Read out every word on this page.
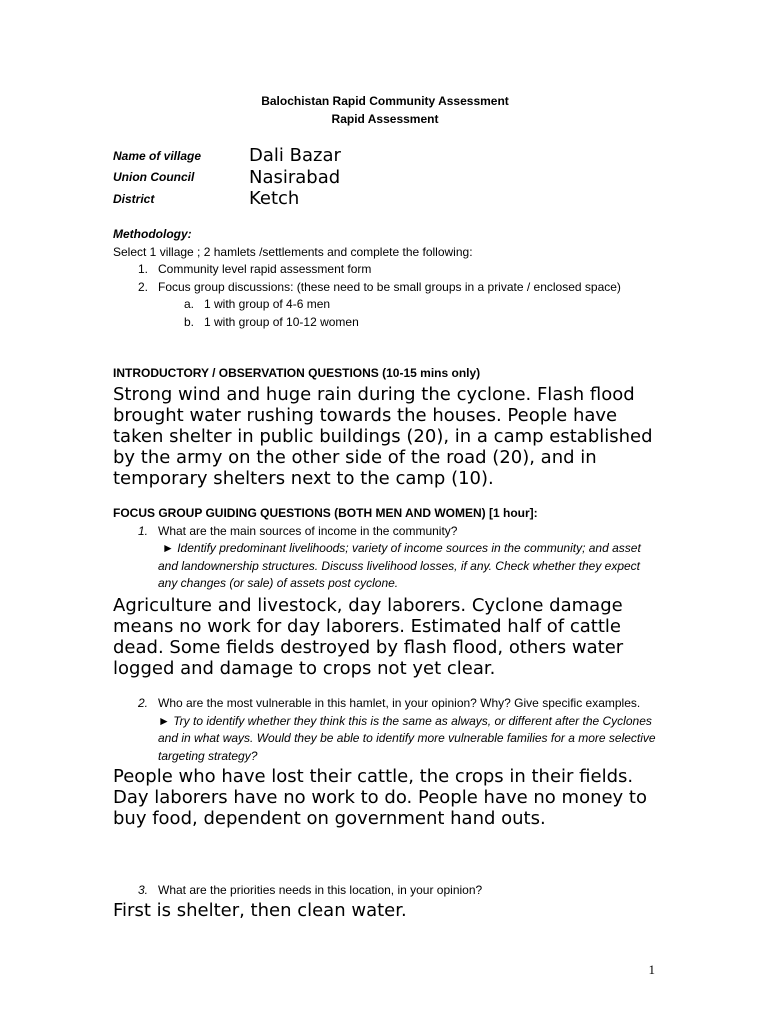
Balochistan Rapid Community Assessment
Rapid Assessment
Name of village	Dali Bazar
Union Council	Nasirabad
District	Ketch
Methodology:
Select 1 village ; 2 hamlets /settlements and complete the following:
1. Community level rapid assessment form
2. Focus group discussions: (these need to be small groups in a private / enclosed space)
a. 1 with group of 4-6 men
b. 1 with group of 10-12 women
INTRODUCTORY / OBSERVATION QUESTIONS (10-15 mins only)
Strong wind and huge rain during the cyclone. Flash flood brought water rushing towards the houses. People have taken shelter in public buildings (20), in a camp established by the army on the other side of the road (20), and in temporary shelters next to the camp (10).
FOCUS GROUP GUIDING QUESTIONS (BOTH MEN AND WOMEN) [1 hour]:
1. What are the main sources of income in the community?
► Identify predominant livelihoods; variety of income sources in the community; and asset and landownership structures. Discuss livelihood losses, if any. Check whether they expect any changes (or sale) of assets post cyclone.
Agriculture and livestock, day laborers. Cyclone damage means no work for day laborers. Estimated half of cattle dead. Some fields destroyed by flash flood, others water logged and damage to crops not yet clear.
2. Who are the most vulnerable in this hamlet, in your opinion? Why? Give specific examples.
► Try to identify whether they think this is the same as always, or different after the Cyclones and in what ways. Would they be able to identify more vulnerable families for a more selective targeting strategy?
People who have lost their cattle, the crops in their fields. Day laborers have no work to do. People have no money to buy food, dependent on government hand outs.
3. What are the priorities needs in this location, in your opinion?
First is shelter, then clean water.
1
